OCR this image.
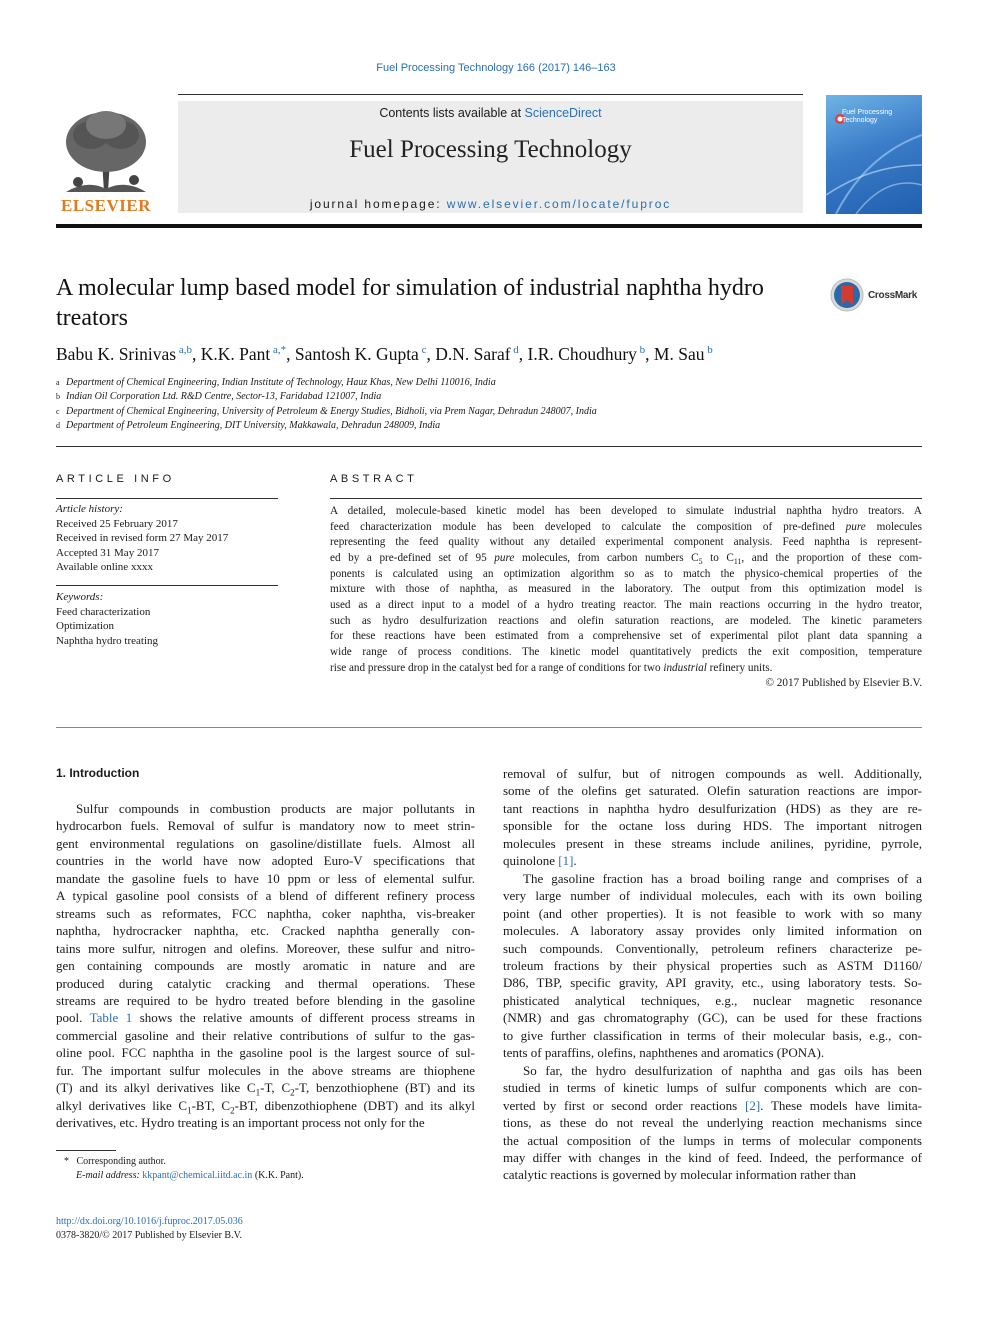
Fuel Processing Technology 166 (2017) 146–163
ELSEVIER
Contents lists available at ScienceDirect
Fuel Processing Technology
journal homepage: www.elsevier.com/locate/fuproc
Fuel Processing Technology
A molecular lump based model for simulation of industrial naphtha hydro treators
CrossMark
Babu K. Srinivas $^{a,b}$, K.K. Pant $^{a,*}$, Santosh K. Gupta $^c$, D.N. Saraf $^d$, I.R. Choudhury $^b$, M. Sau $^b$
a Department of Chemical Engineering, Indian Institute of Technology, Hauz Khas, New Delhi 110016, India
b Indian Oil Corporation Ltd. R&D Centre, Sector-13, Faridabad 121007, India
c Department of Chemical Engineering, University of Petroleum & Energy Studies, Bidholi, via Prem Nagar, Dehradun 248007, India
d Department of Petroleum Engineering, DIT University, Makkawala, Dehradun 248009, India
ARTICLE INFO
Article history:
Received 25 February 2017
Received in revised form 27 May 2017
Accepted 31 May 2017
Available online xxxx
Keywords:
Feed characterization
Optimization
Naphtha hydro treating
ABSTRACT
A detailed, molecule-based kinetic model has been developed to simulate industrial naphtha hydro treators. A
feed characterization module has been developed to calculate the composition of pre-defined pure molecules
representing the feed quality without any detailed experimental component analysis. Feed naphtha is represent-
ed by a pre-defined set of 95 pure molecules, from carbon numbers $C_5$ to $C_{11}$, and the proportion of these com-
ponents is calculated using an optimization algorithm so as to match the physico-chemical properties of the
mixture with those of naphtha, as measured in the laboratory. The output from this optimization model is
used as a direct input to a model of a hydro treating reactor. The main reactions occurring in the hydro treator,
such as hydro desulfurization reactions and olefin saturation reactions, are modeled. The kinetic parameters
for these reactions have been estimated from a comprehensive set of experimental pilot plant data spanning a
wide range of process conditions. The kinetic model quantitatively predicts the exit composition, temperature
rise and pressure drop in the catalyst bed for a range of conditions for two industrial refinery units.
© 2017 Published by Elsevier B.V.
1. Introduction
Sulfur compounds in combustion products are major pollutants in
hydrocarbon fuels. Removal of sulfur is mandatory now to meet strin-
gent environmental regulations on gasoline/distillate fuels. Almost all
countries in the world have now adopted Euro-V specifications that
mandate the gasoline fuels to have 10 ppm or less of elemental sulfur.
A typical gasoline pool consists of a blend of different refinery process
streams such as reformates, FCC naphtha, coker naphtha, vis-breaker
naphtha, hydrocracker naphtha, etc. Cracked naphtha generally con-
tains more sulfur, nitrogen and olefins. Moreover, these sulfur and nitro-
gen containing compounds are mostly aromatic in nature and are
produced during catalytic cracking and thermal operations. These
streams are required to be hydro treated before blending in the gasoline
pool. Table 1 shows the relative amounts of different process streams in
commercial gasoline and their relative contributions of sulfur to the gas-
oline pool. FCC naphtha in the gasoline pool is the largest source of sul-
fur. The important sulfur molecules in the above streams are thiophene
(T) and its alkyl derivatives like $C_1-T$, $C_2-T$, benzothiophene (BT) and its
alkyl derivatives like $C_1-BT$, $C_2-BT$, dibenzothiophene (DBT) and its alkyl
derivatives, etc. Hydro treating is an important process not only for the
removal of sulfur, but of nitrogen compounds as well. Additionally,
some of the olefins get saturated. Olefin saturation reactions are impor-
tant reactions in naphtha hydro desulfurization (HDS) as they are re-
sponsible for the octane loss during HDS. The important nitrogen
molecules present in these streams include anilines, pyridine, pyrrole,
quinolone [1].
The gasoline fraction has a broad boiling range and comprises of a
very large number of individual molecules, each with its own boiling
point (and other properties). It is not feasible to work with so many
molecules. A laboratory assay provides only limited information on
such compounds. Conventionally, petroleum refiners characterize pe-
troleum fractions by their physical properties such as ASTM D1160/
D86, TBP, specific gravity, API gravity, etc., using laboratory tests. So-
phisticated analytical techniques, e.g., nuclear magnetic resonance
(NMR) and gas chromatography (GC), can be used for these fractions
to give further classification in terms of their molecular basis, e.g., con-
tents of paraffins, olefins, naphthenes and aromatics (PONA).
So far, the hydro desulfurization of naphtha and gas oils has been
studied in terms of kinetic lumps of sulfur components which are con-
verted by first or second order reactions [2]. These models have limita-
tions, as these do not reveal the underlying reaction mechanisms since
the actual composition of the lumps in terms of molecular components
may differ with changes in the kind of feed. Indeed, the performance of
catalytic reactions is governed by molecular information rather than
*   Corresponding author.
E-mail address: kkpant@chemical.iitd.ac.in (K.K. Pant).
http://dx.doi.org/10.1016/j.fuproc.2017.05.036
0378-3820/© 2017 Published by Elsevier B.V.
